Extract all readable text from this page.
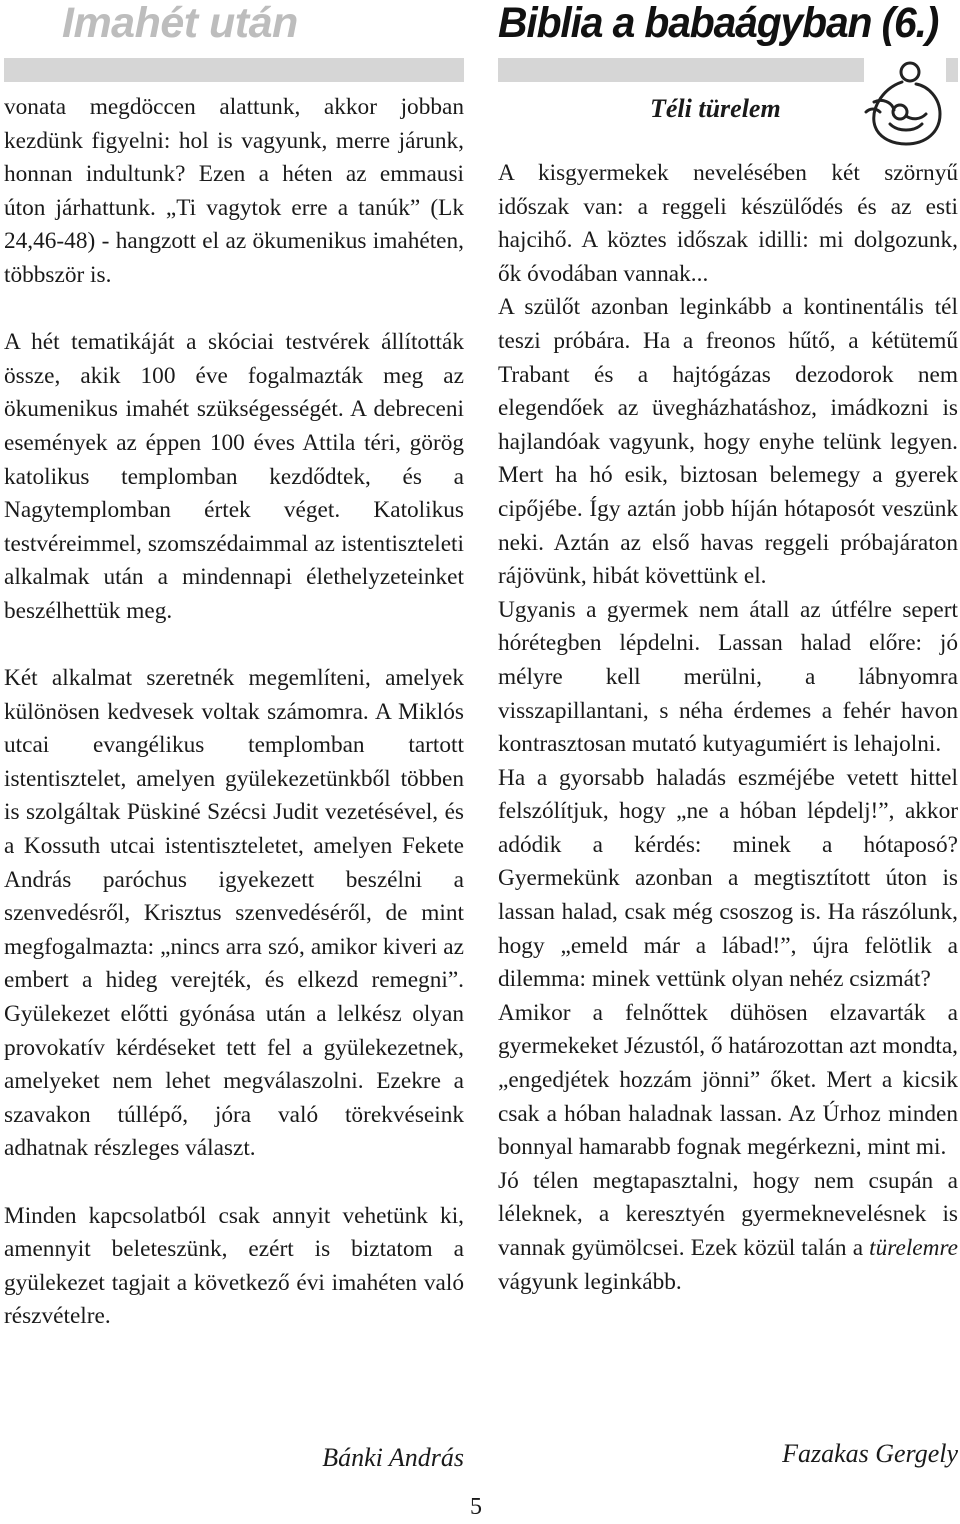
Imahét után

vonata megdöccen alattunk, akkor jobban kezdünk figyelni: hol is vagyunk, merre járunk, honnan indultunk? Ezen a héten az emmausi úton járhattunk. „Ti vagytok erre a tanúk” (Lk 24,46-48) - hangzott el az ökumenikus imahéten, többször is.

A hét tematikáját a skóciai testvérek állították össze, akik 100 éve fogalmazták meg az ökumenikus imahét szükségességét. A debreceni események az éppen 100 éves Attila téri, görög katolikus templomban kezdődtek, és a Nagytemplomban értek véget. Katolikus testvéreimmel, szomszédaimmal az istentiszteleti alkalmak után a mindennapi élethelyzeteinket beszélhettük meg.

Két alkalmat szeretnék megemlíteni, amelyek különösen kedvesek voltak számomra. A Miklós utcai evangélikus templomban tartott istentisztelet, amelyen gyülekezetünkből többen is szolgáltak Püskiné Szécsi Judit vezetésével, és a Kossuth utcai istentiszteletet, amelyen Fekete András paróchus igyekezett beszélni a szenvedésről, Krisztus szenvedéséről, de mint megfogalmazta: „nincs arra szó, amikor kiveri az embert a hideg verejték, és elkezd remegni”. Gyülekezet előtti gyónása után a lelkész olyan provokatív kérdéseket tett fel a gyülekezetnek, amelyeket nem lehet megválaszolni. Ezekre a szavakon túllépő, jóra való törekvéseink adhatnak részleges választ.

Minden kapcsolatból csak annyit vehetünk ki, amennyit beleteszünk, ezért is biztatom a gyülekezet tagjait a következő évi imahéten való részvételre.

Bánki András
Biblia a babaágyban (6.)
Téli türelem

A kisgyermekek nevelésében két szörnyű időszak van: a reggeli készülődés és az esti hajcihő. A köztes időszak idilli: mi dolgozunk, ők óvodában vannak...

A szülőt azonban leginkább a kontinentális tél teszi próbára. Ha a freonos hűtő, a kétütemű Trabant és a hajtógázas dezodorok nem elegendőek az üvegházhatáshoz, imádkozni is hajlandóak vagyunk, hogy enyhe telünk legyen. Mert ha hó esik, biztosan belemegy a gyerek cipőjébe. Így aztán jobb híján hótaposót veszünk neki. Aztán az első havas reggeli próbajáraton rájövünk, hibát követtünk el.

Ugyanis a gyermek nem átall az útfélre sepert hórétegben lépdelni. Lassan halad előre: jó mélyre kell merülni, a lábnyomra visszapillantani, s néha érdemes a fehér havon kontrasztosan mutató kutyagumiért is lehajolni.

Ha a gyorsabb haladás eszméjébe vetett hittel felszólítjuk, hogy „ne a hóban lépdelj!”, akkor adódik a kérdés: minek a hótaposó? Gyermekünk azonban a megtisztított úton is lassan halad, csak még csoszog is. Ha rászólunk, hogy „emeld már a lábad!”, újra felötlik a dilemma: minek vettünk olyan nehéz csizmát?

Amikor a felnőttek dühösen elzavarták a gyermekeket Jézustól, ő határozottan azt mondta, „engedjétek hozzám jönni” őket. Mert a kicsik csak a hóban haladnak lassan. Az Úrhoz minden bonnyal hamarabb fognak megérkezni, mint mi.

Jó télen megtapasztalni, hogy nem csupán a léleknek, a keresztyén gyermeknevelésnek is vannak gyümölcsei. Ezek közül talán a türelemre vágyunk leginkább.

Fazakas Gergely
5
